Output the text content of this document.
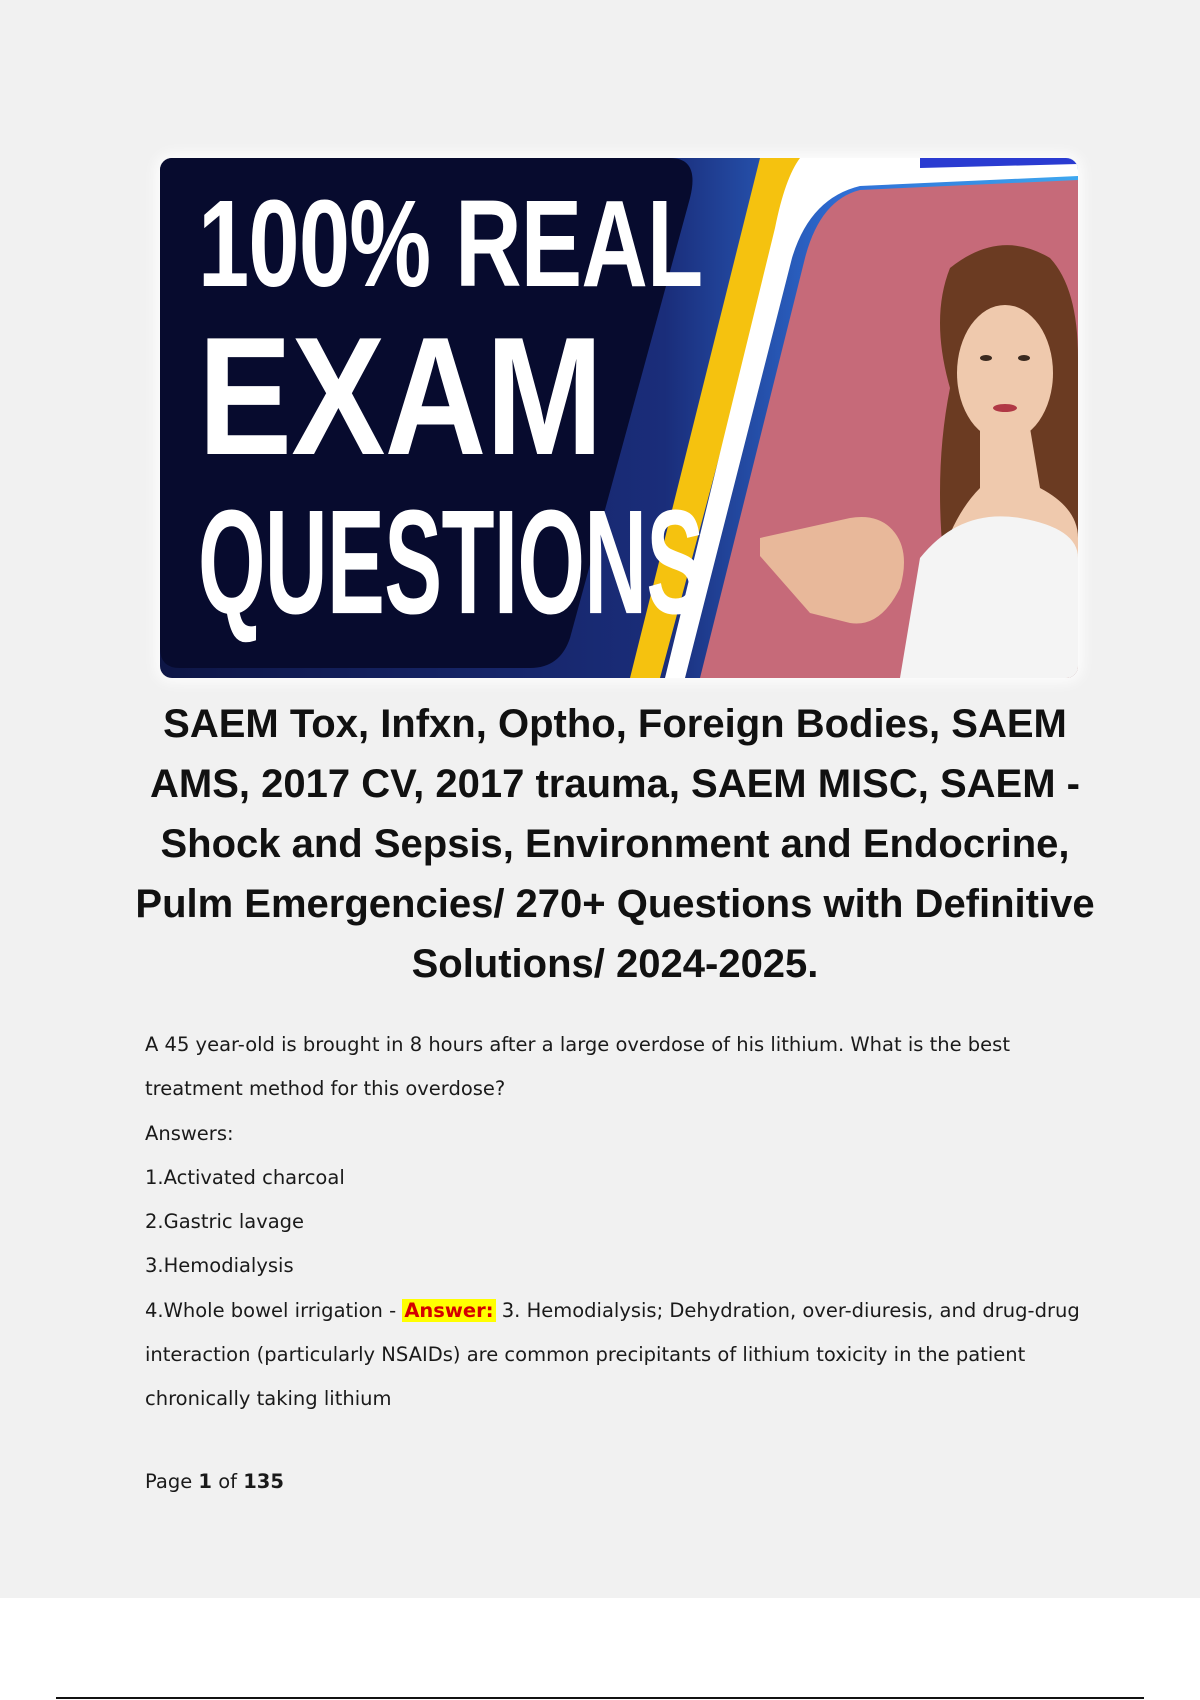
100% REAL
EXAM
QUESTIONS
SAEM Tox, Infxn, Optho, Foreign Bodies, SAEM AMS, 2017 CV, 2017 trauma, SAEM MISC, SAEM - Shock and Sepsis, Environment and Endocrine, Pulm Emergencies/ 270+ Questions with Definitive Solutions/ 2024-2025.

A 45 year-old is brought in 8 hours after a large overdose of his lithium. What is the best treatment method for this overdose?

Answers:

1.Activated charcoal

2.Gastric lavage

3.Hemodialysis

4.Whole bowel irrigation - Answer: 3. Hemodialysis; Dehydration, over-diuresis, and drug-drug interaction (particularly NSAIDs) are common precipitants of lithium toxicity in the patient chronically taking lithium

Page 1 of 135
